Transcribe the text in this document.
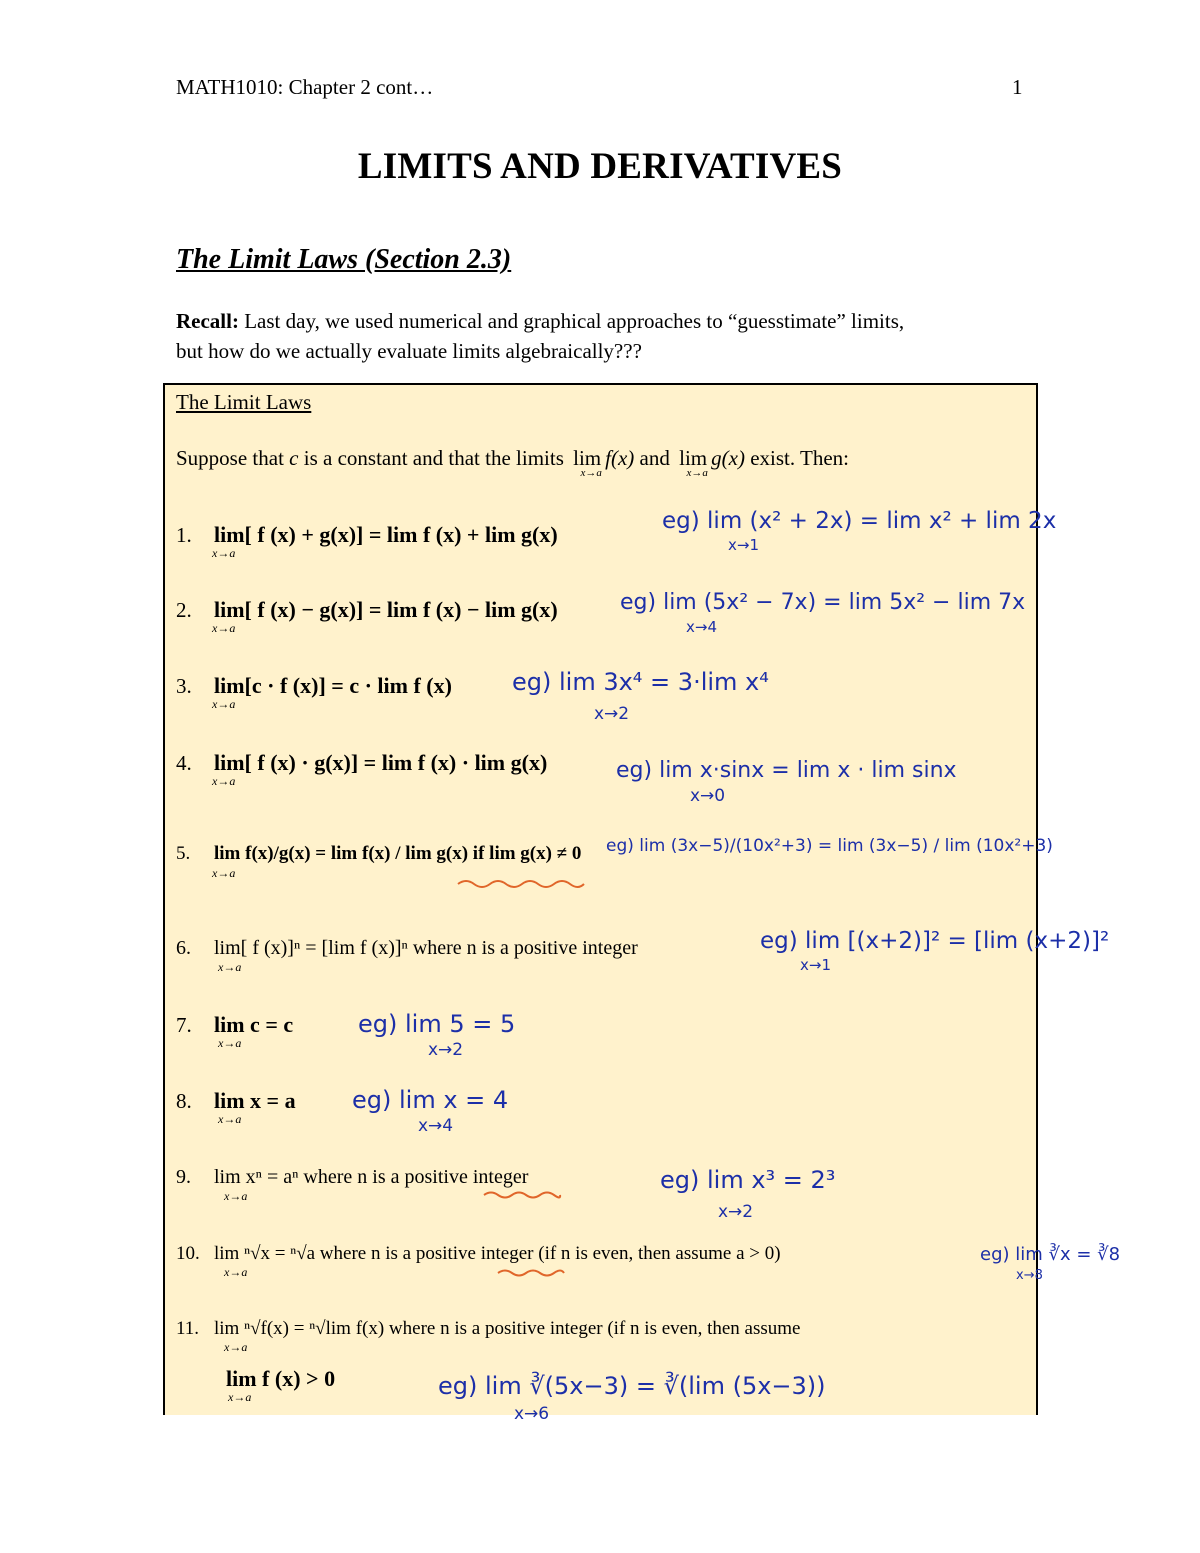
MATH1010: Chapter 2 cont…	1
LIMITS AND DERIVATIVES
The Limit Laws (Section 2.3)
Recall: Last day, we used numerical and graphical approaches to “guesstimate” limits,
but how do we actually evaluate limits algebraically???
The Limit Laws
Suppose that c is a constant and that the limits lim
x→a
f(x) and lim
x→a
g(x) exist. Then:
1. lim[ f (x) + g(x)] = lim f (x) + lim g(x)
2. lim[ f (x) − g(x)] = lim f (x) − lim g(x)
3. lim[c · f (x)] = c · lim f (x)
4. lim[ f (x) · g(x)] = lim f (x) · lim g(x)
5. lim f(x)/g(x) = lim f(x) / lim g(x) if lim g(x) ≠ 0
6. lim[ f (x)]ⁿ = [lim f (x)]ⁿ where n is a positive integer
7. lim c = c
8. lim x = a
9. lim xⁿ = aⁿ where n is a positive integer
10. lim ⁿ√x = ⁿ√a where n is a positive integer (if n is even, then assume a > 0)
11. lim ⁿ√f(x) = ⁿ√lim f(x) where n is a positive integer (if n is even, then assume
lim f (x) > 0
x→a
x→a
x→a
x→a
x→a
x→a
x→a
x→a
x→a
x→a
x→a
x→a
eg) lim (x² + 2x) = lim x² + lim 2x
eg) lim (5x² − 7x) = lim 5x² − lim 7x
eg) lim 3x⁴ = 3·lim x⁴
eg) lim x·sinx = lim x · lim sinx
eg) lim (3x−5)/(10x²+3) = lim (3x−5) / lim (10x²+3)
eg) lim [(x+2)]² = [lim (x+2)]²
eg) lim 5 = 5
eg) lim x = 4
eg) lim x³ = 2³
eg) lim ∛x = ∛8
eg) lim ∛(5x−3) = ∛(lim (5x−3))
x→1
x→4
x→2
x→0
x→1
x→2
x→4
x→2
x→8
x→6
